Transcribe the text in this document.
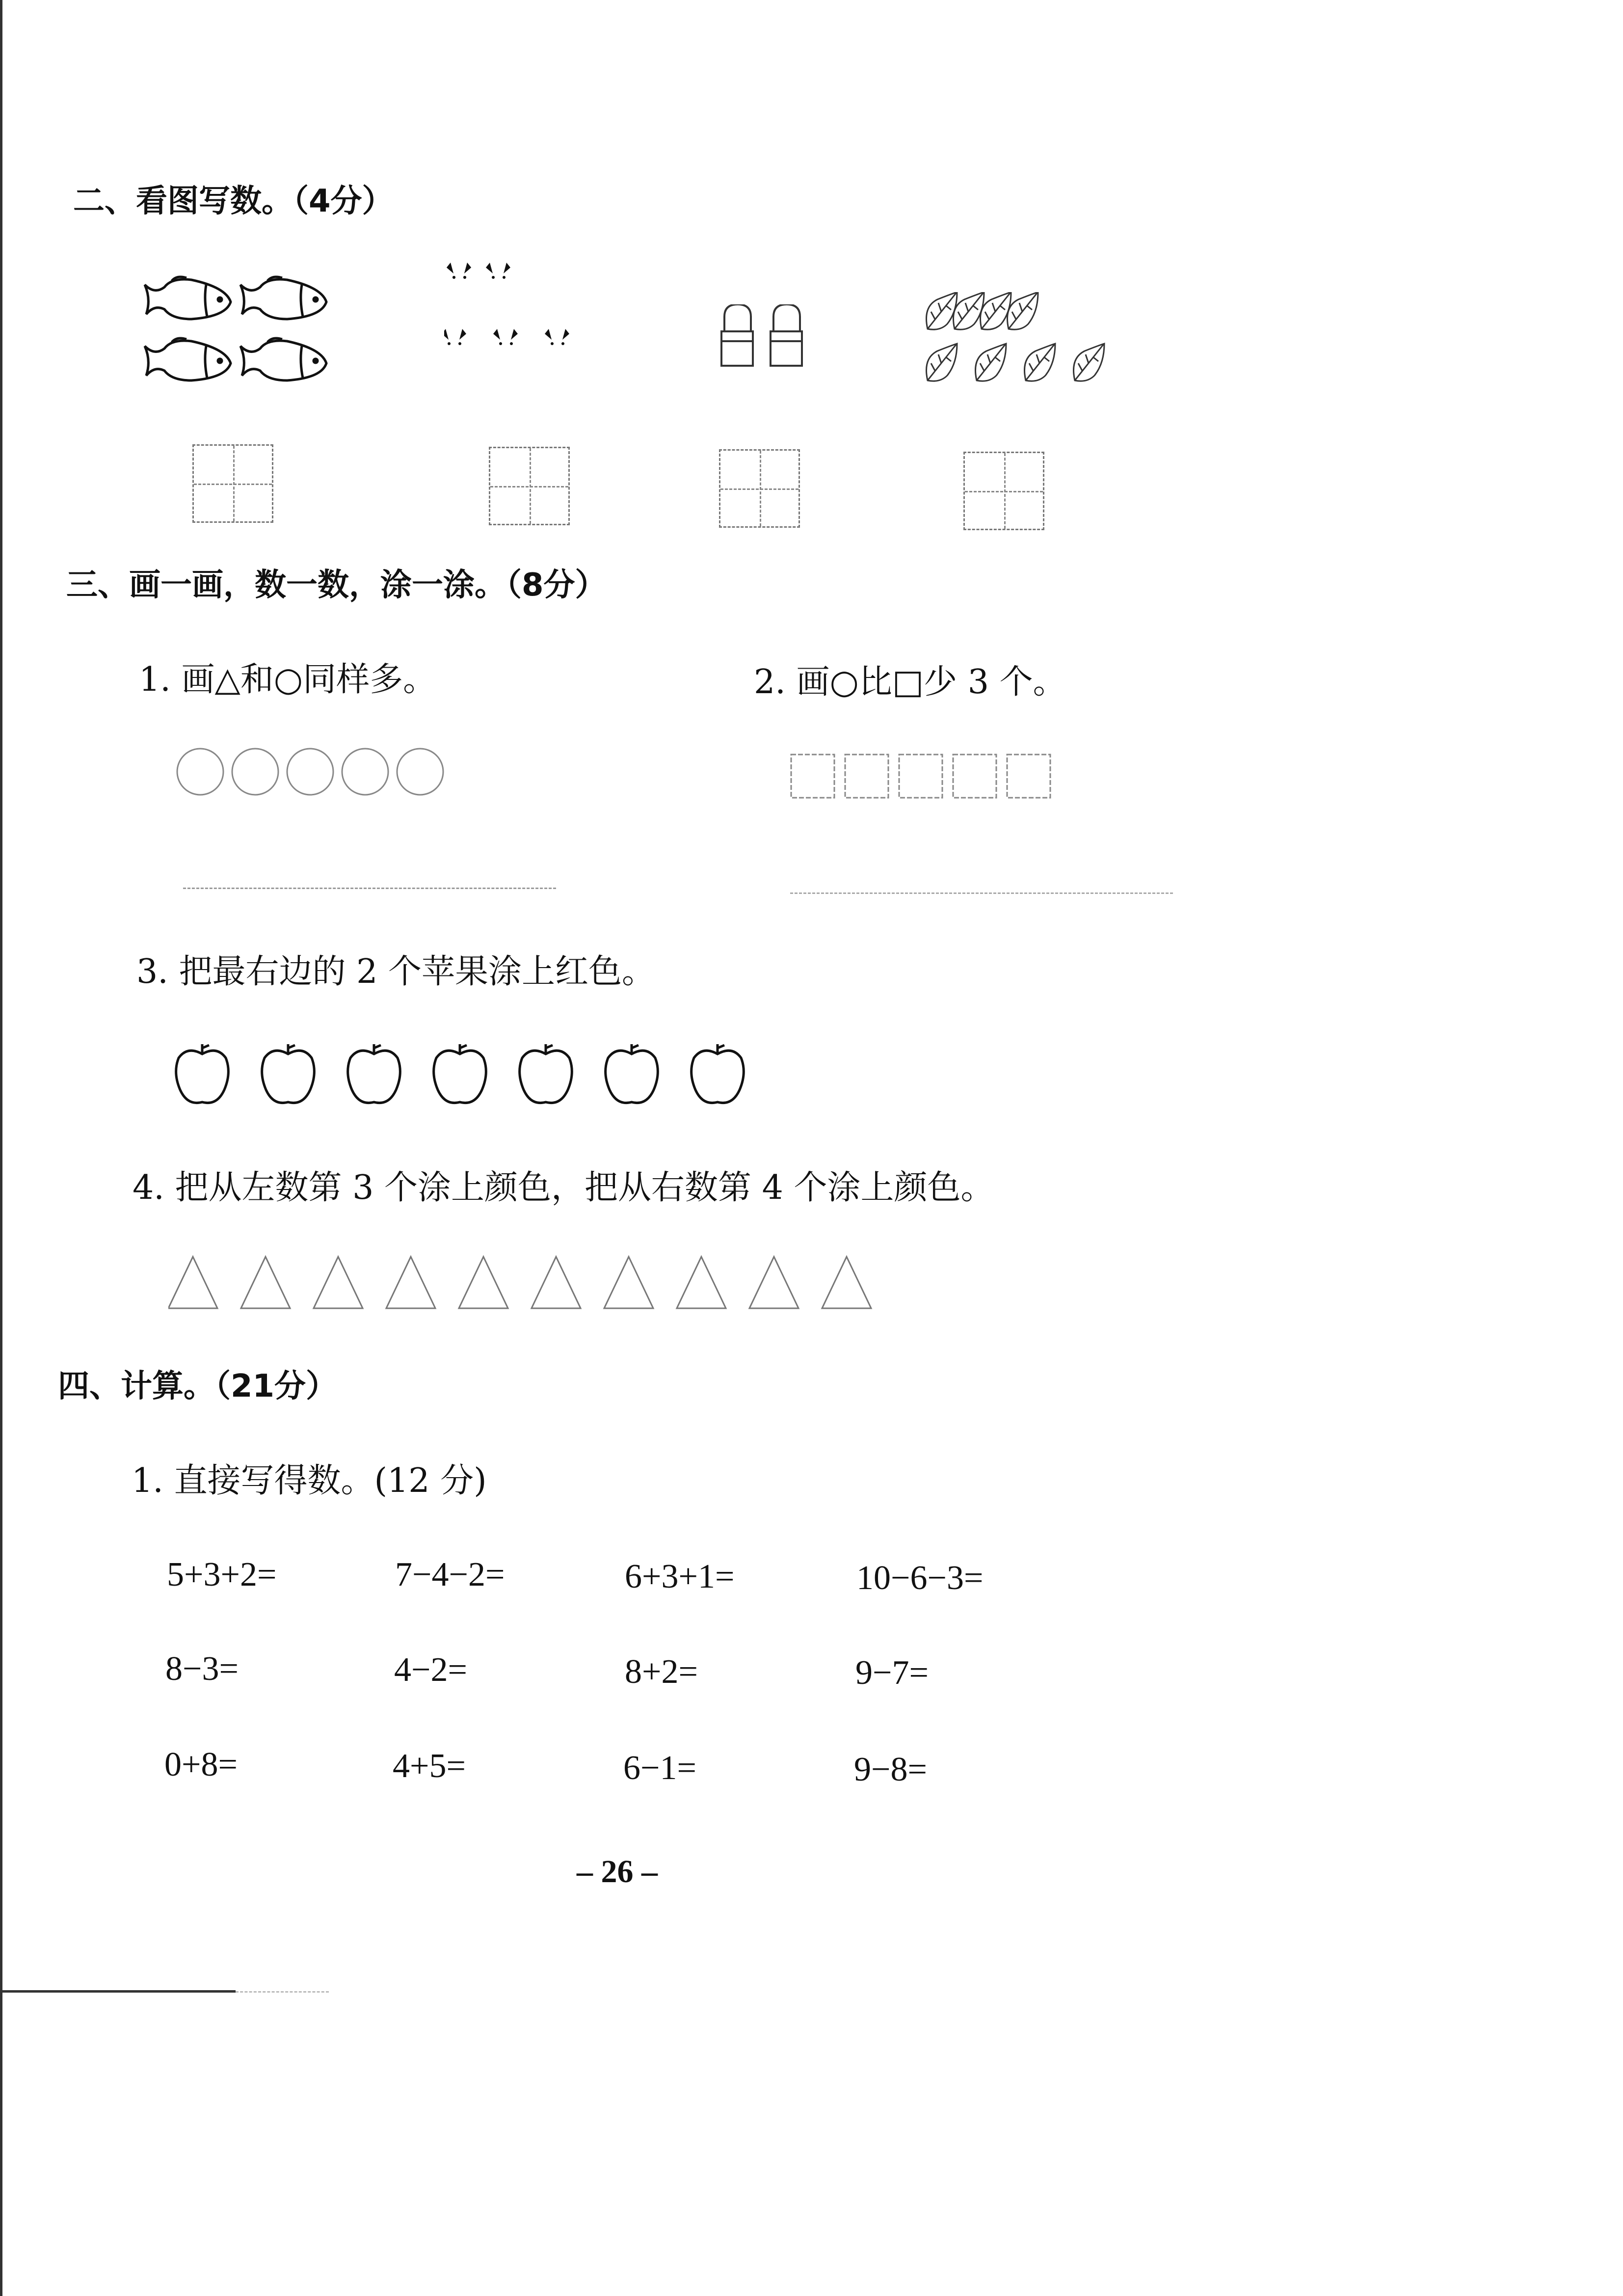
二、看图写数。（4分）
三、画一画，数一数，涂一涂。（8分）
1. 画△和○同样多。	2. 画○比□少 3 个。
3. 把最右边的 2 个苹果涂上红色。
4. 把从左数第 3 个涂上颜色，把从右数第 4 个涂上颜色。
四、计算。（21分）
1. 直接写得数。(12 分)
5+3+2=	7−4−2=	6+3+1=	10−6−3=
8−3=	4−2=	8+2=	9−7=
0+8=	4+5=	6−1=	9−8=
– 26 –
